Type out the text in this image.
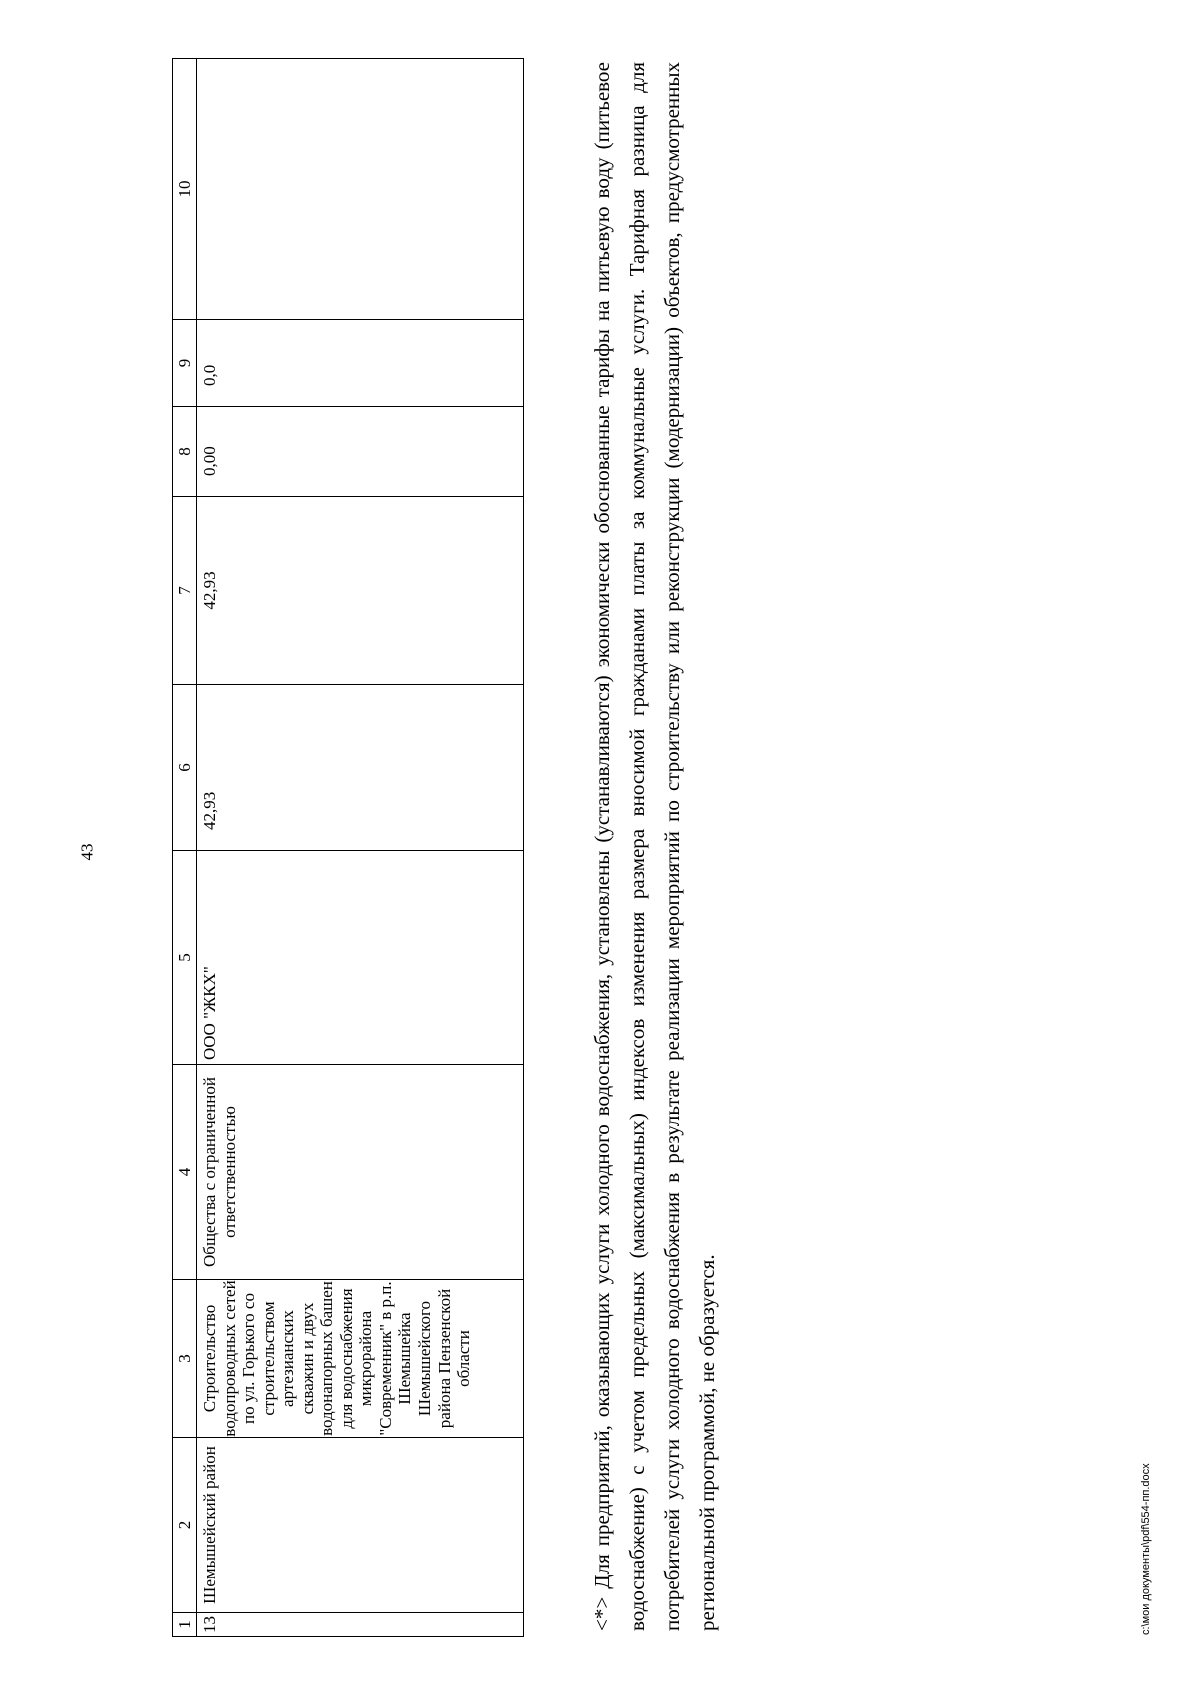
43
1	2	3	4	5	6	7	8	9	10
13	Шемышейский район	Строительство водопроводных сетей по ул. Горького со строительством артезианских скважин и двух водонапорных башен для водоснабжения микрорайона "Современник" в р.п. Шемышейка Шемышейского района Пензенской области	Общества с ограниченной ответственностью	ООО "ЖКХ"	42,93	42,93	0,00	0,0		<*> Для предприятий, оказывающих услуги холодного водоснабжения, установлены (устанавливаются) экономически обоснованные тарифы на питьевую воду (питьевое водоснабжение) с учетом предельных (максимальных) индексов изменения размера вносимой гражданами платы за коммунальные услуги. Тарифная разница для потребителей услуги холодного водоснабжения в результате реализации мероприятий по строительству или реконструкции (модернизации) объектов, предусмотренных региональной программой, не образуется.	c:\мои документы\pdf\554-пп.docx
